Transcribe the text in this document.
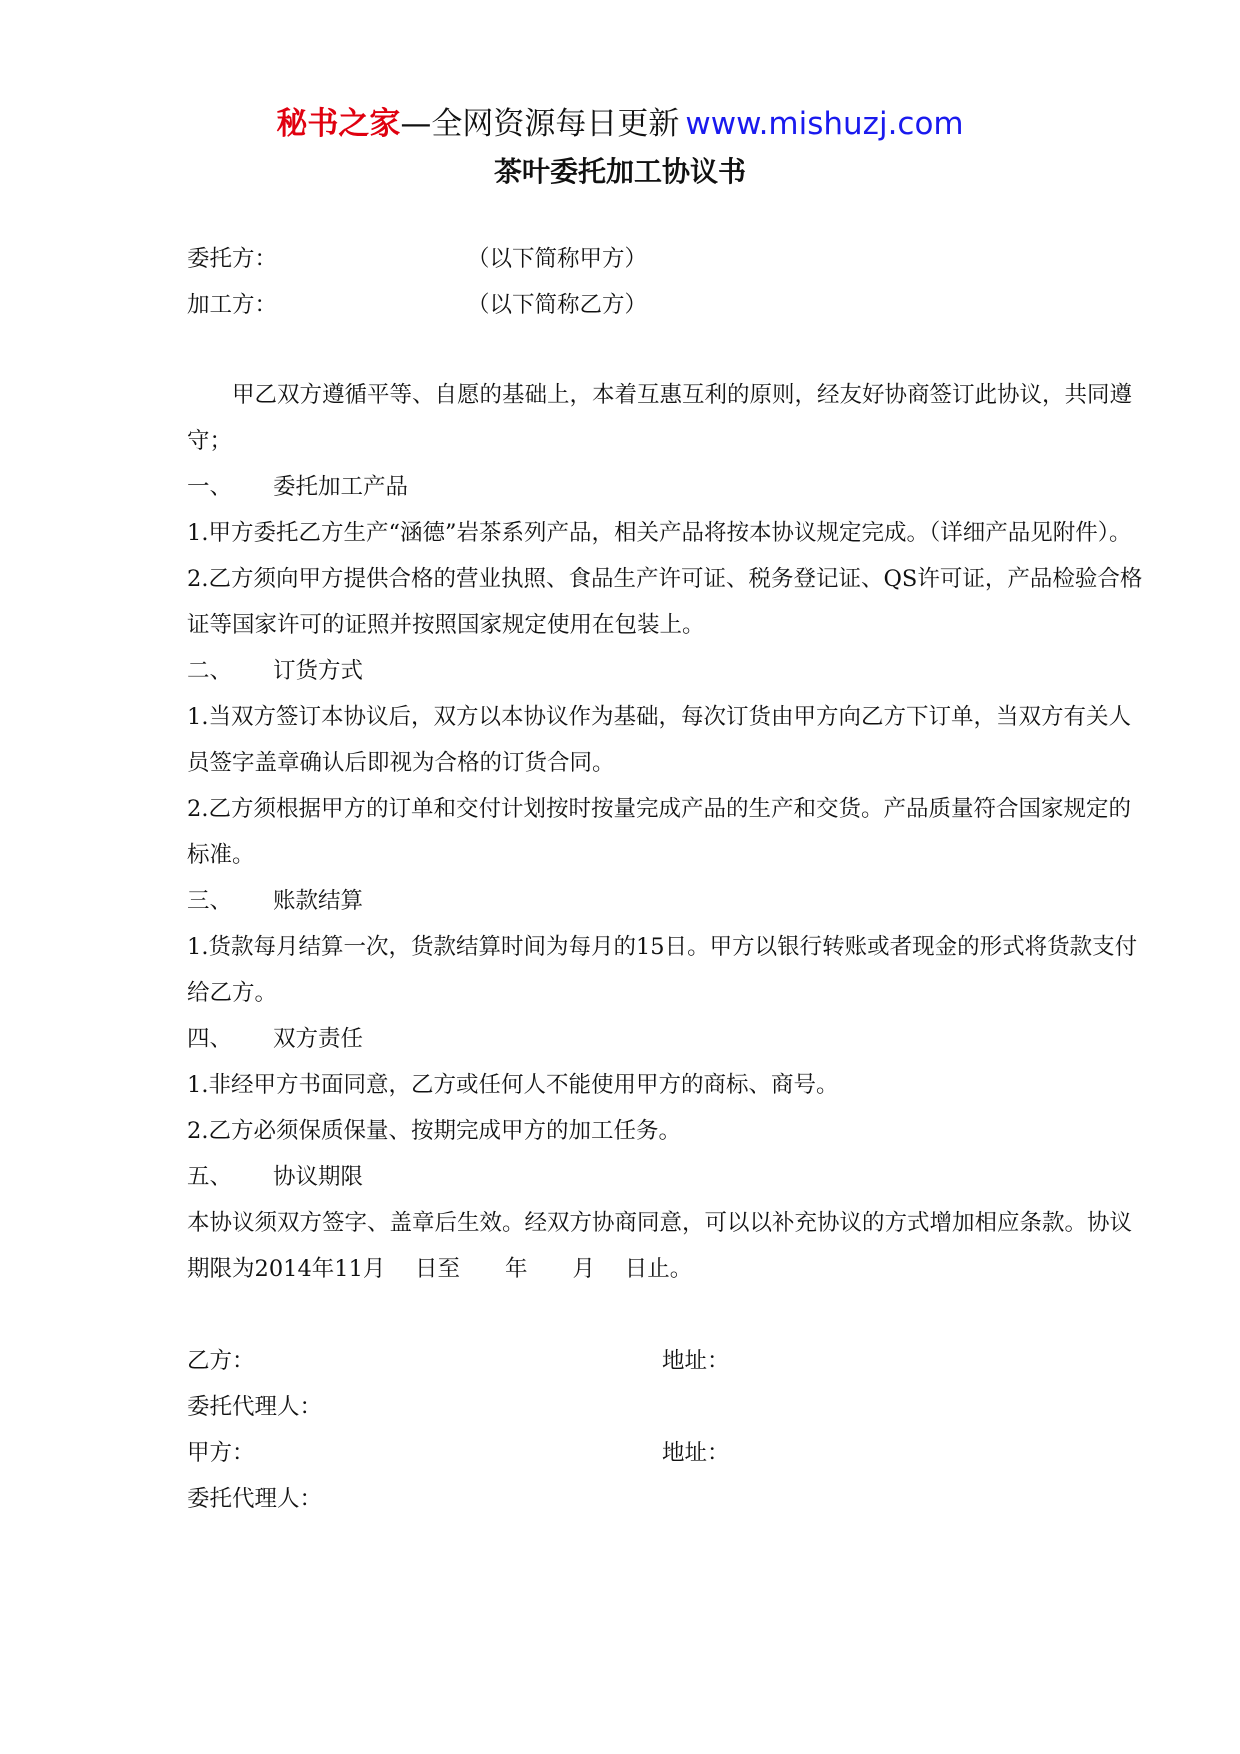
秘书之家—全网资源每日更新 www.mishuzj.com
茶叶委托加工协议书
委托方：	（以下简称甲方）
加工方：	（以下简称乙方）

甲乙双方遵循平等、自愿的基础上，本着互惠互利的原则，经友好协商签订此协议，共同遵守；

一、 委托加工产品

1.甲方委托乙方生产“涵德”岩茶系列产品，相关产品将按本协议规定完成。（详细产品见附件）。

2.乙方须向甲方提供合格的营业执照、食品生产许可证、税务登记证、QS许可证，产品检验合格证等国家许可的证照并按照国家规定使用在包装上。

二、 订货方式

1.当双方签订本协议后，双方以本协议作为基础，每次订货由甲方向乙方下订单，当双方有关人员签字盖章确认后即视为合格的订货合同。

2.乙方须根据甲方的订单和交付计划按时按量完成产品的生产和交货。产品质量符合国家规定的标准。

三、 账款结算

1.货款每月结算一次，货款结算时间为每月的15日。甲方以银行转账或者现金的形式将货款支付给乙方。

四、 双方责任

1.非经甲方书面同意，乙方或任何人不能使用甲方的商标、商号。

2.乙方必须保质保量、按期完成甲方的加工任务。

五、 协议期限

本协议须双方签字、盖章后生效。经双方协商同意，可以以补充协议的方式增加相应条款。协议期限为2014年11月　 日至　　年　　月　 日止。

乙方：	地址：
委托代理人：
甲方：	地址：
委托代理人：
